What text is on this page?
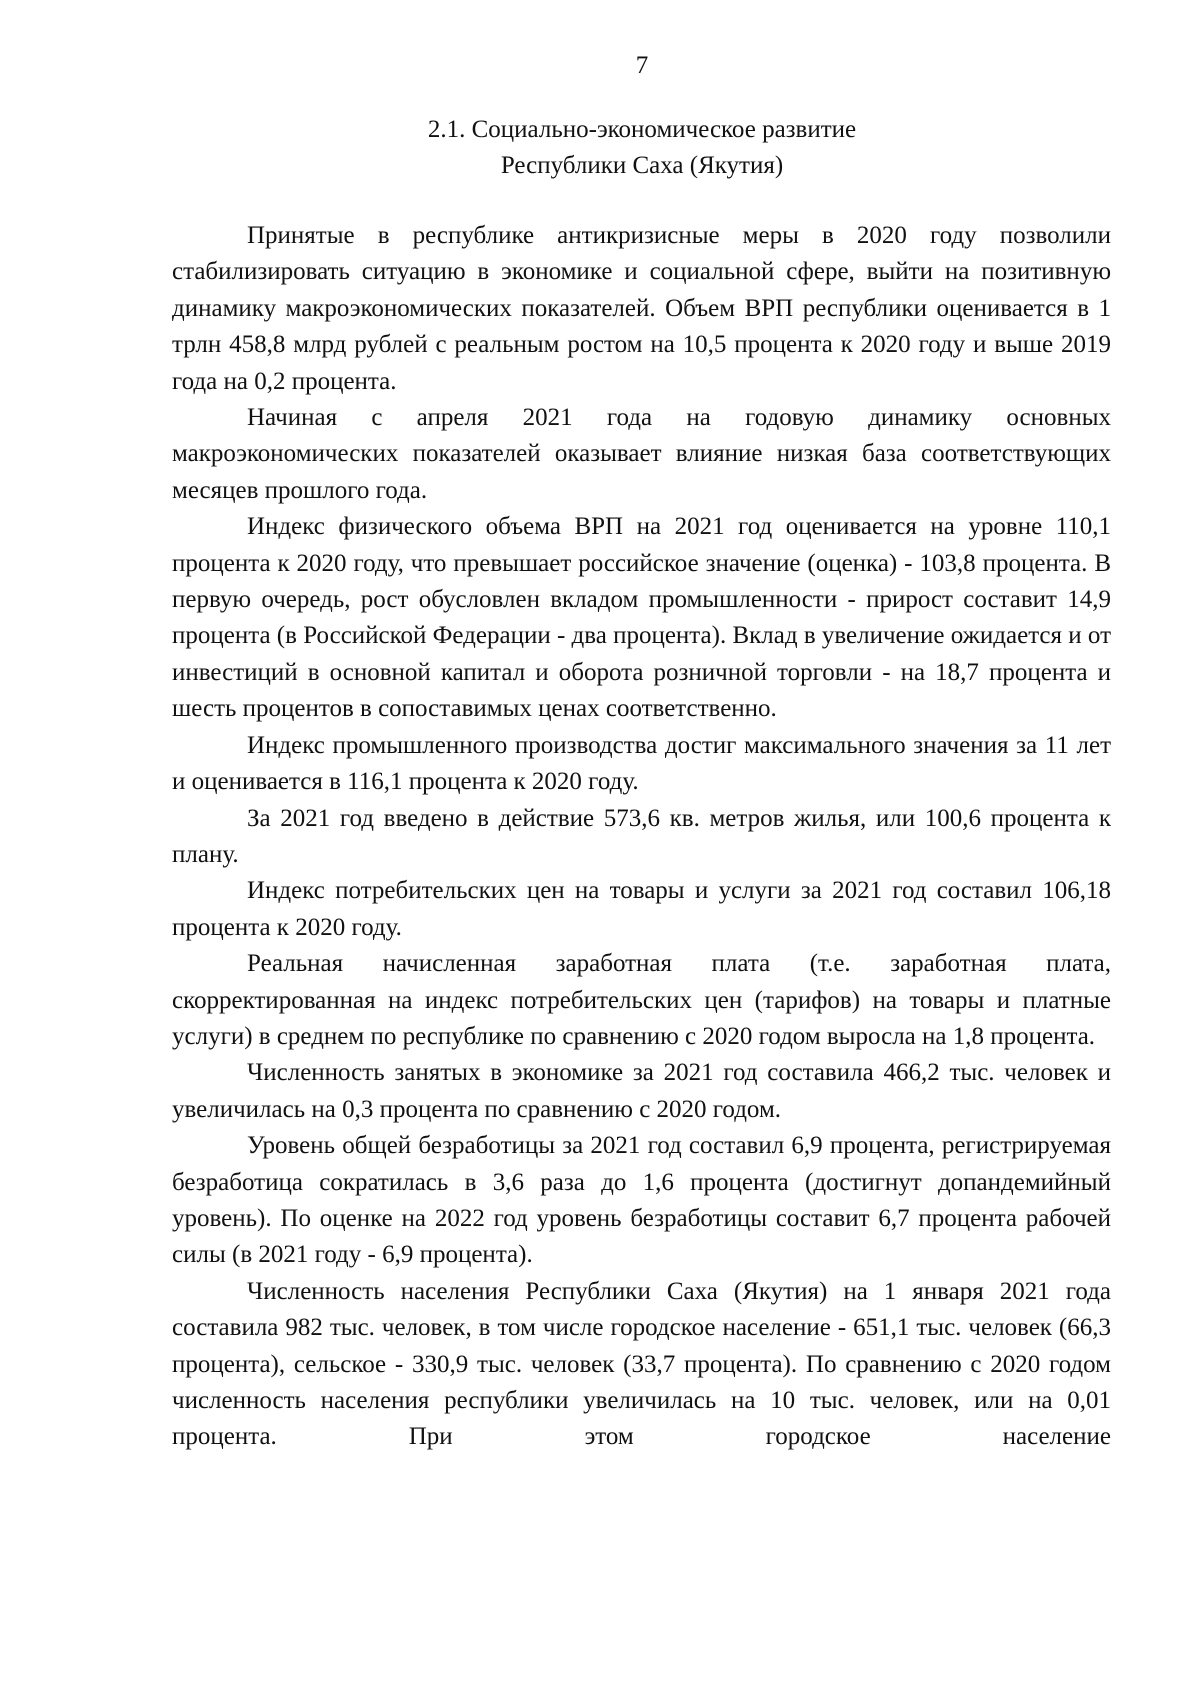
7
2.1. Социально-экономическое развитие
Республики Саха (Якутия)

Принятые в республике антикризисные меры в 2020 году позволили стабилизировать ситуацию в экономике и социальной сфере, выйти на позитивную динамику макроэкономических показателей. Объем ВРП республики оценивается в 1 трлн 458,8 млрд рублей с реальным ростом на 10,5 процента к 2020 году и выше 2019 года на 0,2 процента.

Начиная с апреля 2021 года на годовую динамику основных макроэкономических показателей оказывает влияние низкая база соответствующих месяцев прошлого года.

Индекс физического объема ВРП на 2021 год оценивается на уровне 110,1 процента к 2020 году, что превышает российское значение (оценка) - 103,8 процента. В первую очередь, рост обусловлен вкладом промышленности - прирост составит 14,9 процента (в Российской Федерации - два процента). Вклад в увеличение ожидается и от инвестиций в основной капитал и оборота розничной торговли - на 18,7 процента и шесть процентов в сопоставимых ценах соответственно.

Индекс промышленного производства достиг максимального значения за 11 лет и оценивается в 116,1 процента к 2020 году.

За 2021 год введено в действие 573,6 кв. метров жилья, или 100,6 процента к плану.

Индекс потребительских цен на товары и услуги за 2021 год составил 106,18 процента к 2020 году.

Реальная начисленная заработная плата (т.е. заработная плата, скорректированная на индекс потребительских цен (тарифов) на товары и платные услуги) в среднем по республике по сравнению с 2020 годом выросла на 1,8 процента.

Численность занятых в экономике за 2021 год составила 466,2 тыс. человек и увеличилась на 0,3 процента по сравнению с 2020 годом.

Уровень общей безработицы за 2021 год составил 6,9 процента, регистрируемая безработица сократилась в 3,6 раза до 1,6 процента (достигнут допандемийный уровень). По оценке на 2022 год уровень безработицы составит 6,7 процента рабочей силы (в 2021 году - 6,9 процента).

Численность населения Республики Саха (Якутия) на 1 января 2021 года составила 982 тыс. человек, в том числе городское население - 651,1 тыс. человек (66,3 процента), сельское - 330,9 тыс. человек (33,7 процента). По сравнению с 2020 годом численность населения республики увеличилась на 10 тыс. человек, или на 0,01 процента. При этом городское население
